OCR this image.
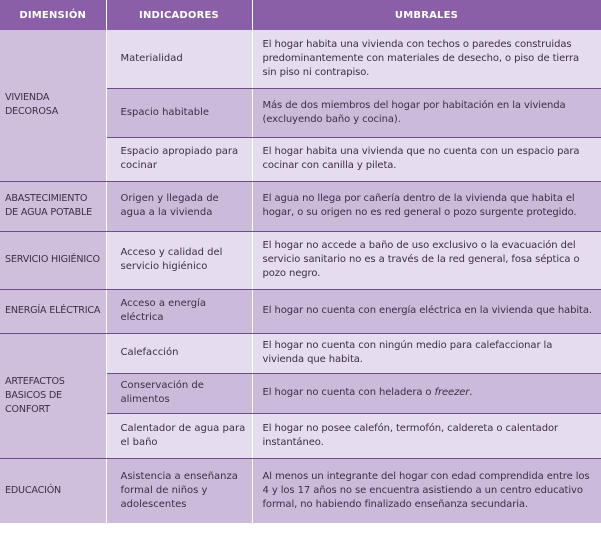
DIMENSIÓN	INDICADORES	UMBRALES
VIVIENDA DECOROSA	Materialidad	El hogar habita una vivienda con techos o paredes construidas predominantemente con materiales de desecho, o piso de tierra sin piso ni contrapiso.
	Espacio habitable	Más de dos miembros del hogar por habitación en la vivienda (excluyendo baño y cocina).
	Espacio apropiado para cocinar	El hogar habita una vivienda que no cuenta con un espacio para cocinar con canilla y pileta.
ABASTECIMIENTO DE AGUA POTABLE	Origen y llegada de agua a la vivienda	El agua no llega por cañería dentro de la vivienda que habita el hogar, o su origen no es red general o pozo surgente protegido.
SERVICIO HIGIÉNICO	Acceso y calidad del servicio higiénico	El hogar no accede a baño de uso exclusivo o la evacuación del servicio sanitario no es a través de la red general, fosa séptica o pozo negro.
ENERGÍA ELÉCTRICA	Acceso a energía eléctrica	El hogar no cuenta con energía eléctrica en la vivienda que habita.
ARTEFACTOS BASICOS DE CONFORT	Calefacción	El hogar no cuenta con ningún medio para calefaccionar la vivienda que habita.
	Conservación de alimentos	El hogar no cuenta con heladera o freezer.
	Calentador de agua para el baño	El hogar no posee calefón, termofón, caldereta o calentador instantáneo.
EDUCACIÓN	Asistencia a enseñanza formal de niños y adolescentes	Al menos un integrante del hogar con edad comprendida entre los 4 y los 17 años no se encuentra asistiendo a un centro educativo formal, no habiendo finalizado enseñanza secundaria.
